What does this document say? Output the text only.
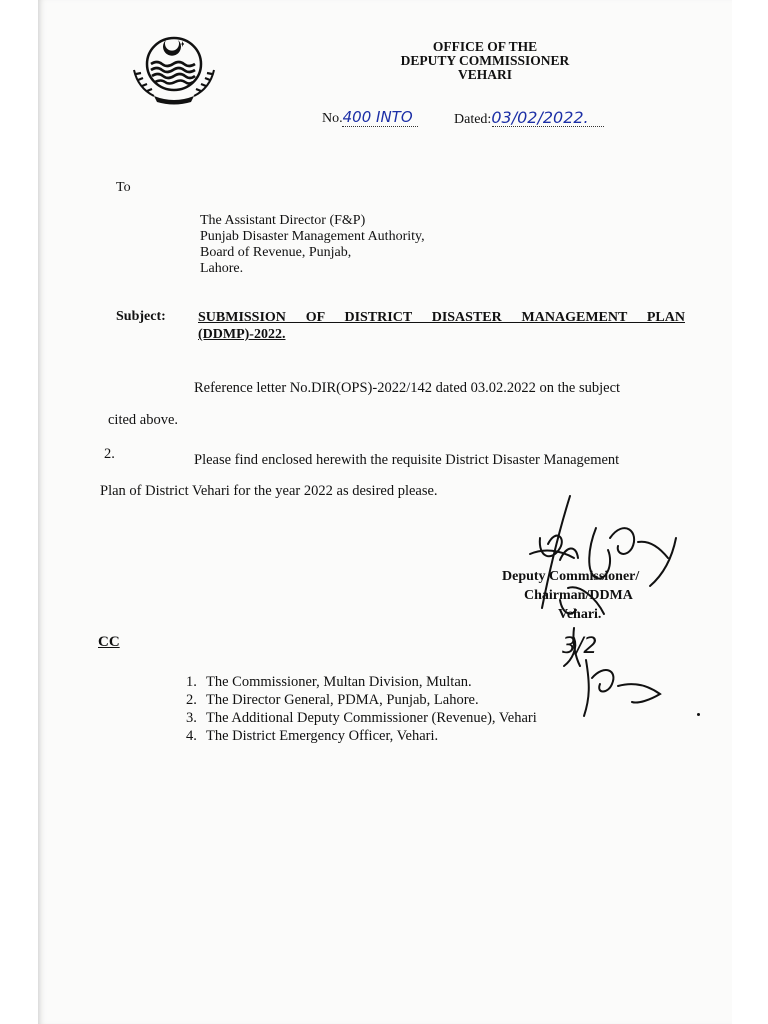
OFFICE OF THE
DEPUTY COMMISSIONER
VEHARI
No.400 INTO	Dated:03/02/2022.
To
The Assistant Director (F&P)
Punjab Disaster Management Authority,
Board of Revenue, Punjab,
Lahore.
Subject: SUBMISSION OF DISTRICT DISASTER MANAGEMENT PLAN (DDMP)-2022.
Reference letter No.DIR(OPS)-2022/142 dated 03.02.2022 on the subject
cited above.
2.	Please find enclosed herewith the requisite District Disaster Management
Plan of District Vehari for the year 2022 as desired please.
Deputy Commissioner/
Chairman/DDMA
Vehari.
3/2
CC
1. The Commissioner, Multan Division, Multan.
2. The Director General, PDMA, Punjab, Lahore.
3. The Additional Deputy Commissioner (Revenue), Vehari
4. The District Emergency Officer, Vehari.
